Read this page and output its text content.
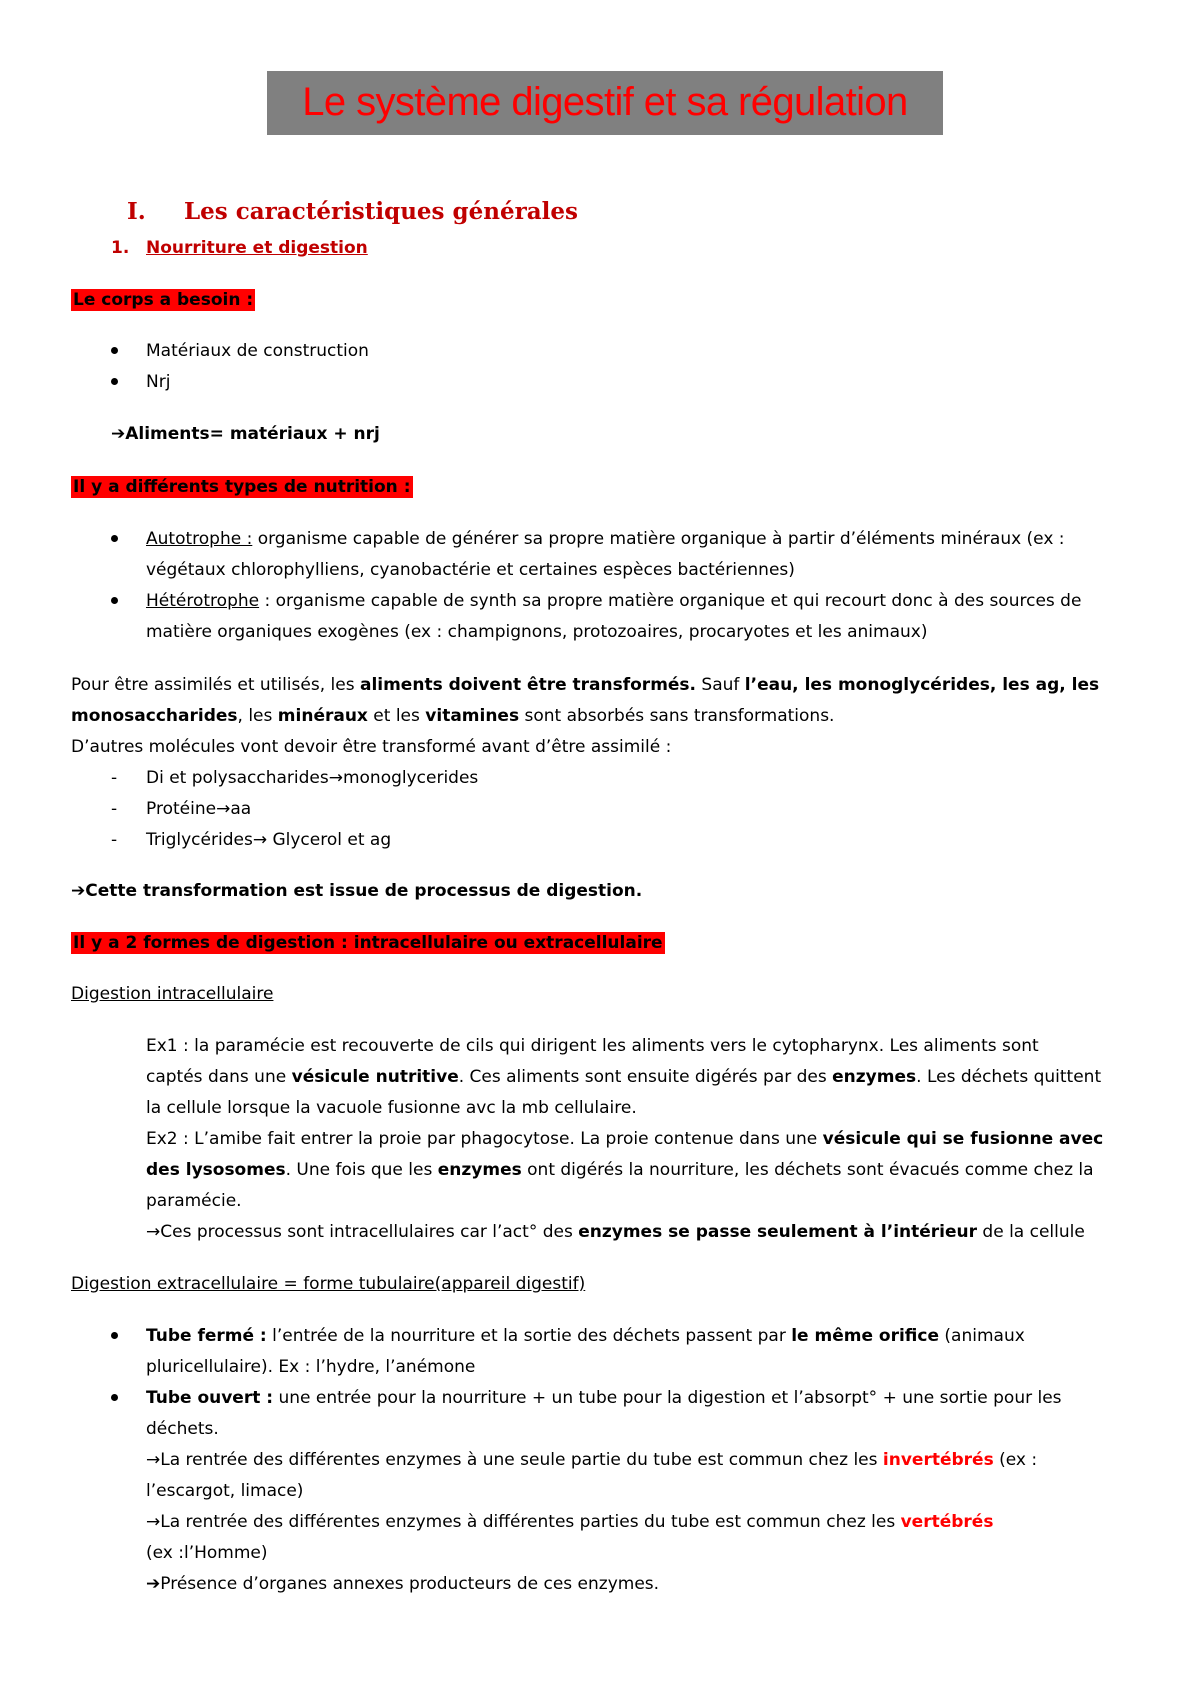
Le système digestif et sa régulation
I. Les caractéristiques générales
1. Nourriture et digestion
Le corps a besoin :
Matériaux de construction
Nrj
➔Aliments= matériaux + nrj
Il y a différents types de nutrition :
Autotrophe : organisme capable de générer sa propre matière organique à partir d’éléments minéraux (ex :
végétaux chlorophylliens, cyanobactérie et certaines espèces bactériennes)
Hétérotrophe : organisme capable de synth sa propre matière organique et qui recourt donc à des sources de
matière organiques exogènes (ex : champignons, protozoaires, procaryotes et les animaux)
Pour être assimilés et utilisés, les aliments doivent être transformés. Sauf l’eau, les monoglycérides, les ag, les
monosaccharides, les minéraux et les vitamines sont absorbés sans transformations.
D’autres molécules vont devoir être transformé avant d’être assimilé :
- Di et polysaccharides→monoglycerides
- Protéine→aa
- Triglycérides→ Glycerol et ag
➔Cette transformation est issue de processus de digestion.
Il y a 2 formes de digestion : intracellulaire ou extracellulaire
Digestion intracellulaire
Ex1 : la paramécie est recouverte de cils qui dirigent les aliments vers le cytopharynx. Les aliments sont
captés dans une vésicule nutritive. Ces aliments sont ensuite digérés par des enzymes. Les déchets quittent
la cellule lorsque la vacuole fusionne avc la mb cellulaire.
Ex2 : L’amibe fait entrer la proie par phagocytose. La proie contenue dans une vésicule qui se fusionne avec
des lysosomes. Une fois que les enzymes ont digérés la nourriture, les déchets sont évacués comme chez la
paramécie.
→Ces processus sont intracellulaires car l’act° des enzymes se passe seulement à l’intérieur de la cellule
Digestion extracellulaire = forme tubulaire(appareil digestif)
Tube fermé : l’entrée de la nourriture et la sortie des déchets passent par le même orifice (animaux
pluricellulaire). Ex : l’hydre, l’anémone
Tube ouvert : une entrée pour la nourriture + un tube pour la digestion et l’absorpt° + une sortie pour les
déchets.
→La rentrée des différentes enzymes à une seule partie du tube est commun chez les invertébrés (ex :
l’escargot, limace)
→La rentrée des différentes enzymes à différentes parties du tube est commun chez les vertébrés
(ex :l’Homme)
➔Présence d’organes annexes producteurs de ces enzymes.
